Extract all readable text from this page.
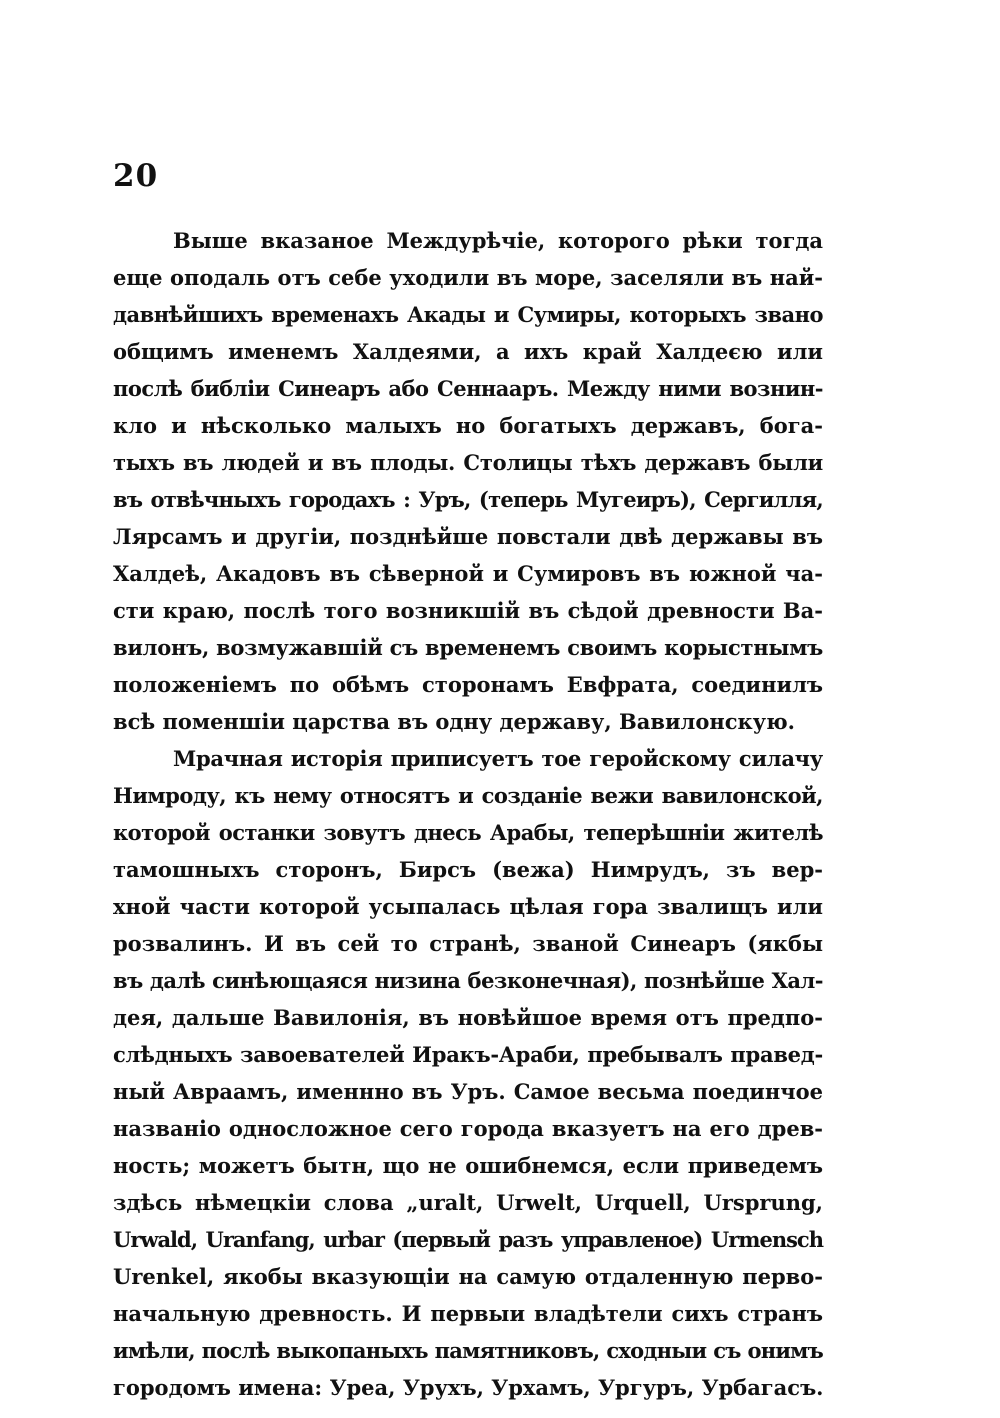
20
Выше вказаное Междурѣчіе, которого рѣки тогда
еще оподаль отъ себе уходили въ море, заселяли въ най-
давнѣйшихъ временахъ Акады и Сумиры, которыхъ звано
общимъ именемъ Халдеями, а ихъ край Халдеєю или
послѣ библіи Синеаръ або Сеннааръ. Между ними вознин-
кло и нѣсколько малыхъ но богатыхъ державъ, бога-
тыхъ въ людей и въ плоды. Столицы тѣхъ державъ были
въ отвѣчныхъ городахъ : Уръ, (теперь Мугеиръ), Сергилля,
Лярсамъ и другіи, позднѣйше повстали двѣ державы въ
Халдеѣ, Акадовъ въ сѣверной и Сумировъ въ южной ча-
сти краю, послѣ того возникшій въ сѣдой древности Ва-
вилонъ, возмужавшій съ временемъ своимъ корыстнымъ
положеніемъ по обѣмъ сторонамъ Евфрата, соединилъ
всѣ поменшіи царства въ одну державу, Вавилонскую.
Мрачная исторія приписуетъ тое геройскому силачу
Нимроду, къ нему относятъ и созданіе вежи вавилонской,
которой останки зовутъ днесь Арабы, теперѣшніи жителѣ
тамошныхъ сторонъ, Бирсъ (вежа) Нимрудъ, зъ вер-
хной части которой усыпалась цѣлая гора звалищъ или
розвалинъ. И въ сей то странѣ, званой Синеаръ (якбы
въ далѣ синѣющаяся низина безконечная), познѣйше Хал-
дея, дальше Вавилонія, въ новѣйшое время отъ предпо-
слѣдныхъ завоевателей Иракъ-Араби, пребывалъ правед-
ный Авраамъ, именнно въ Уръ. Самое весьма поединчое
названіо односложное сего города вказуетъ на его древ-
ность; можетъ бытн, що не ошибнемся, если приведемъ
здѣсь нѣмецкіи слова „uralt, Urwelt, Urquell, Ursprung,
Urwald, Uranfang, urbar (первый разъ управленое) Urmensch
Urenkel, якобы вказующіи на самую отдаленную перво-
начальную древность. И первыи владѣтели сихъ странъ
имѣли, послѣ выкопаныхъ памятниковъ, сходныи съ онимъ
городомъ имена: Уреа, Урухъ, Урхамъ, Ургуръ, Урбагасъ.
